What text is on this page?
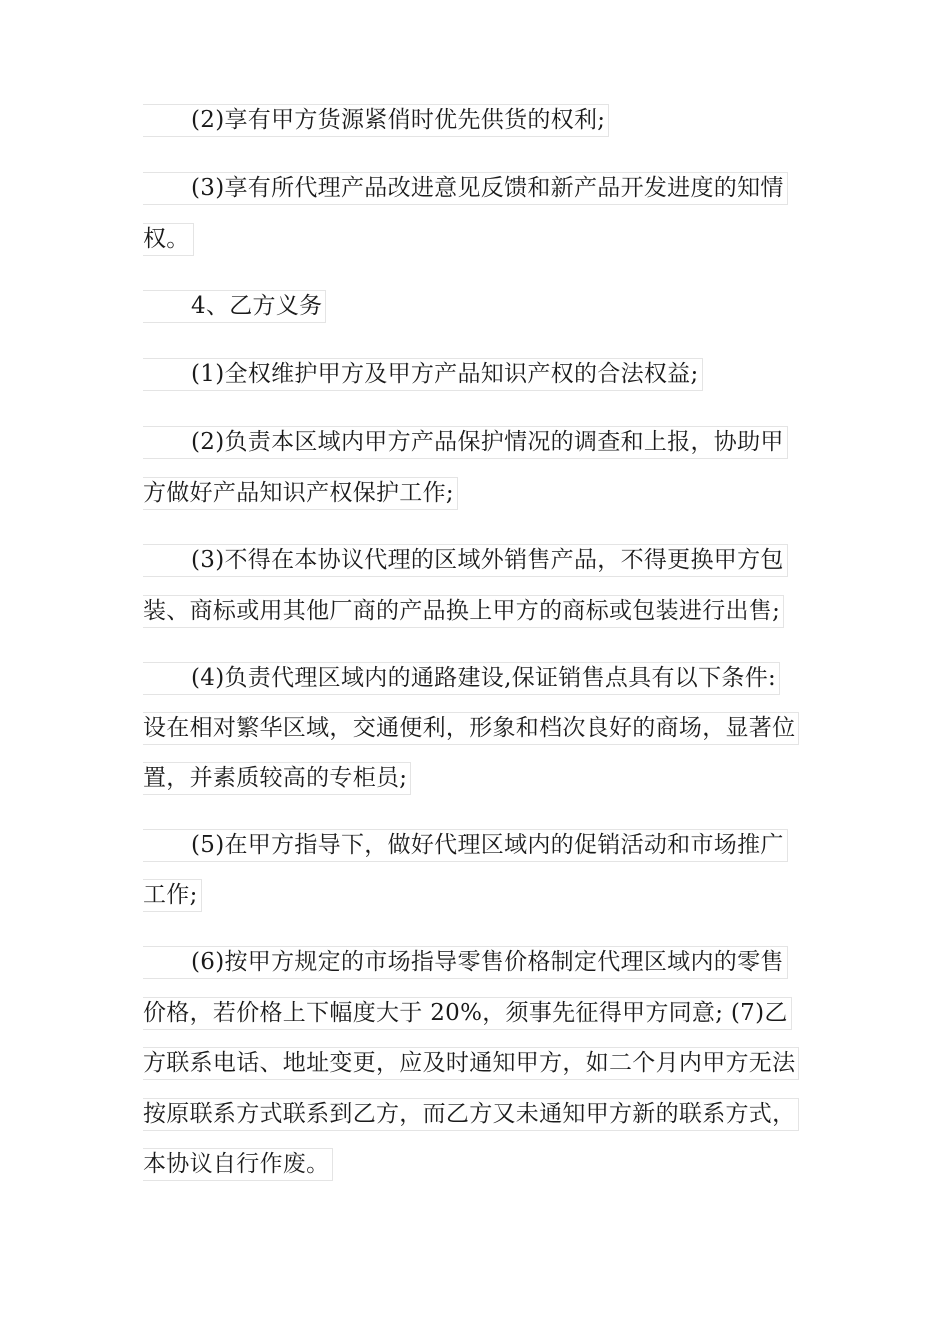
(2)享有甲方货源紧俏时优先供货的权利;
(3)享有所代理产品改进意见反馈和新产品开发进度的知情
权。
4、乙方义务
(1)全权维护甲方及甲方产品知识产权的合法权益;
(2)负责本区域内甲方产品保护情况的调查和上报，协助甲
方做好产品知识产权保护工作;
(3)不得在本协议代理的区域外销售产品，不得更换甲方包
装、商标或用其他厂商的产品换上甲方的商标或包装进行出售;
(4)负责代理区域内的通路建设,保证销售点具有以下条件:
设在相对繁华区域，交通便利，形象和档次良好的商场，显著位
置，并素质较高的专柜员;
(5)在甲方指导下，做好代理区域内的促销活动和市场推广
工作;
(6)按甲方规定的市场指导零售价格制定代理区域内的零售
价格，若价格上下幅度大于 20%，须事先征得甲方同意; (7)乙
方联系电话、地址变更，应及时通知甲方，如二个月内甲方无法
按原联系方式联系到乙方，而乙方又未通知甲方新的联系方式，
本协议自行作废。
